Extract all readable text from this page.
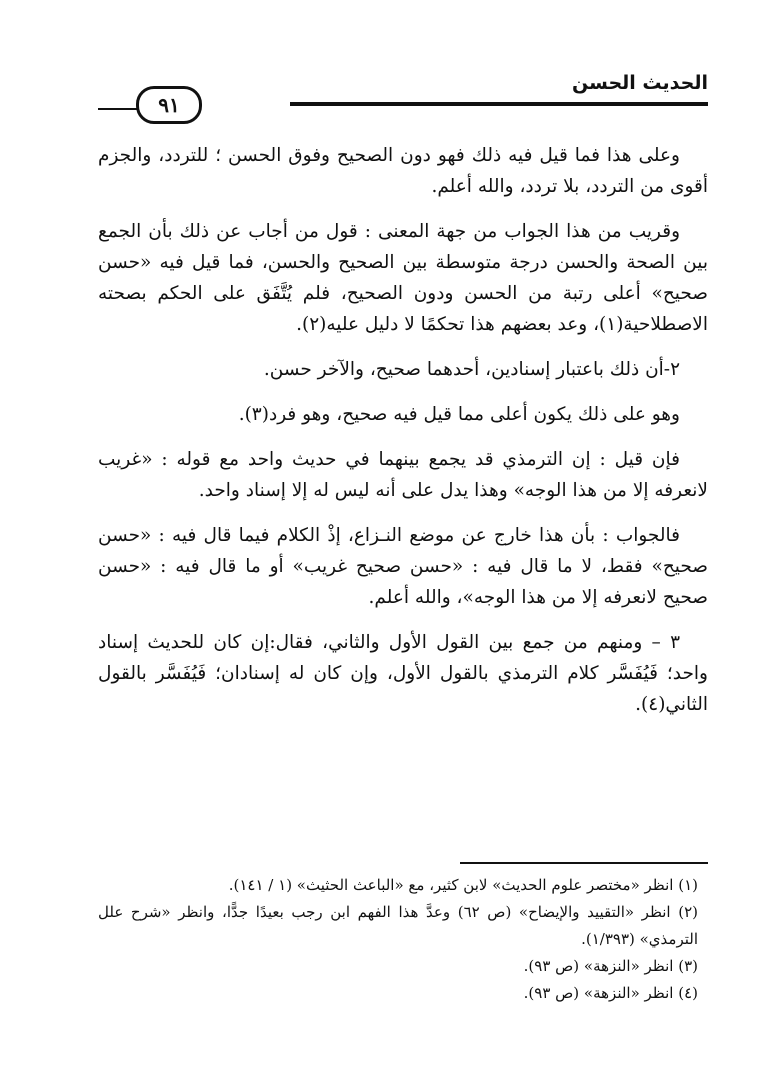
الحديث الحسن
٩١

وعلى هذا فما قيل فيه ذلك فهو دون الصحيح وفوق الحسن ؛ للتردد، والجزم أقوى من التردد، بلا تردد، والله أعلم.

وقريب من هذا الجواب من جهة المعنى : قول من أجاب عن ذلك بأن الجمع بين الصحة والحسن درجة متوسطة بين الصحيح والحسن، فما قيل فيه «حسن صحيح» أعلى رتبة من الحسن ودون الصحيح، فلم يُتَّفَق على الحكم بصحته الاصطلاحية(١)، وعد بعضهم هذا تحكمًا لا دليل عليه(٢).

٢-أن ذلك باعتبار إسنادين، أحدهما صحيح، والآخر حسن.

وهو على ذلك يكون أعلى مما قيل فيه صحيح، وهو فرد(٣).

فإن قيل : إن الترمذي قد يجمع بينهما في حديث واحد مع قوله : «غريب لانعرفه إلا من هذا الوجه» وهذا يدل على أنه ليس له إلا إسناد واحد.

فالجواب : بأن هذا خارج عن موضع النـزاع، إذْ الكلام فيما قال فيه : «حسن صحيح» فقط، لا ما قال فيه : «حسن صحيح غريب» أو ما قال فيه : «حسن صحيح لانعرفه إلا من هذا الوجه»، والله أعلم.

٣ – ومنهم من جمع بين القول الأول والثاني، فقال:إن كان للحديث إسناد واحد؛ فَيُفَسَّر كلام الترمذي بالقول الأول، وإن كان له إسنادان؛ فَيُفَسَّر بالقول الثاني(٤).

(١) انظر «مختصر علوم الحديث» لابن كثير، مع «الباعث الحثيث» (١ / ١٤١).

(٢) انظر «التقييد والإيضاح» (ص ٦٢) وعدَّ هذا الفهم ابن رجب بعيدًا جدًّا، وانظر «شرح علل الترمذي» (١/٣٩٣).

(٣) انظر «النزهة» (ص ٩٣).

(٤) انظر «النزهة» (ص ٩٣).
